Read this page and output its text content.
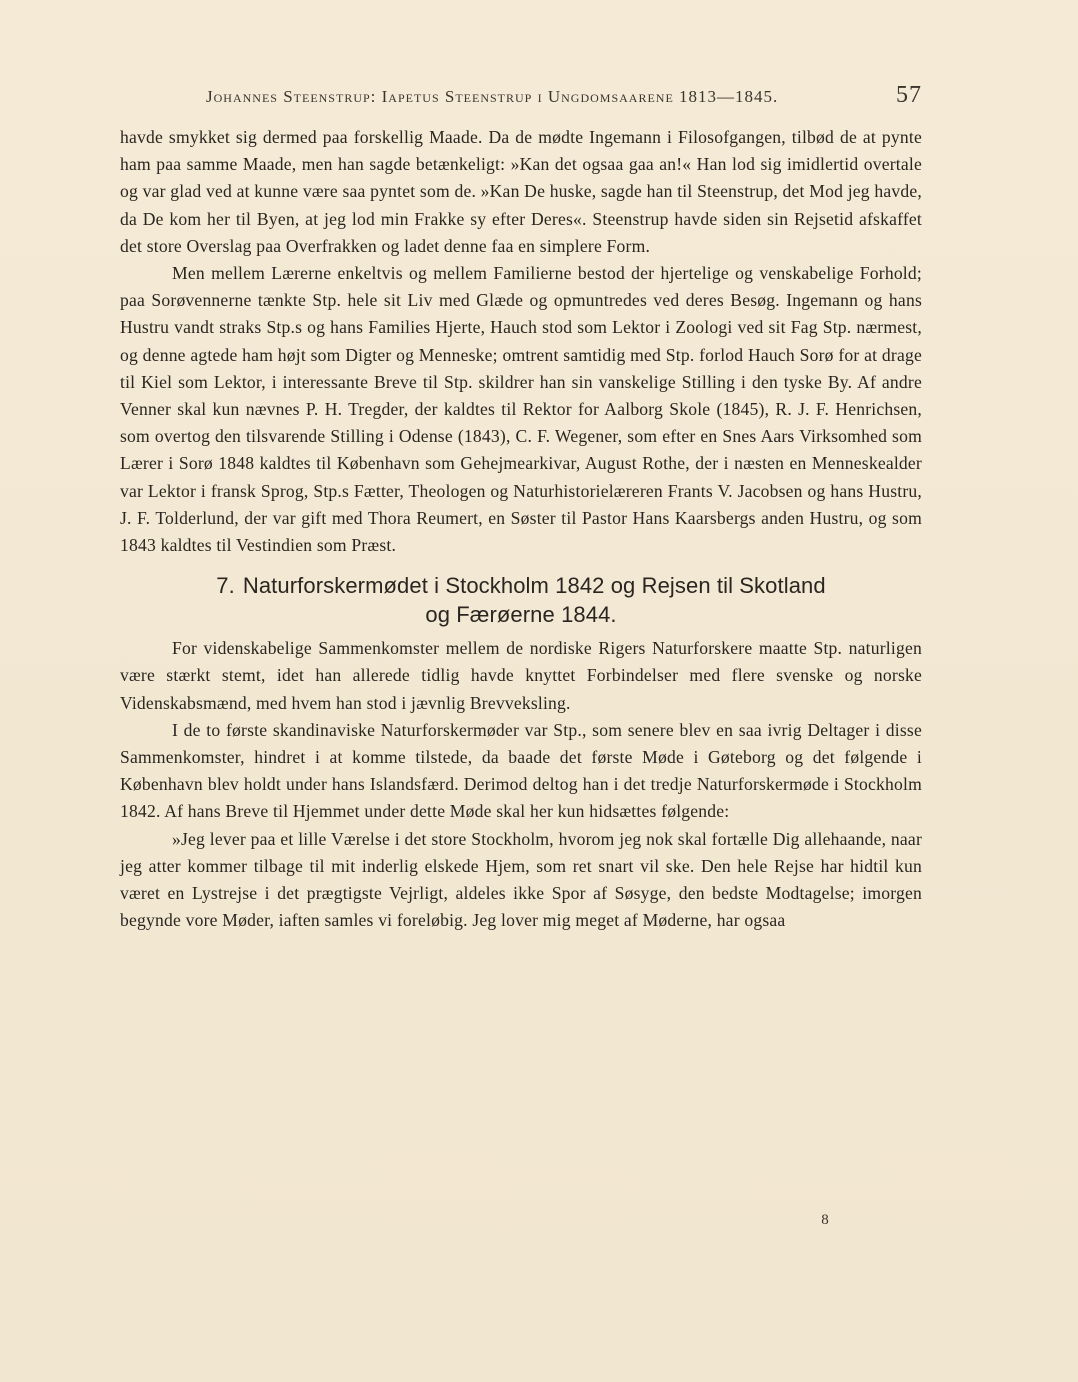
Johannes Steenstrup: Iapetus Steenstrup i Ungdomsaarene 1813—1845.	57

havde smykket sig dermed paa forskellig Maade. Da de mødte Ingemann i Filosofgangen, tilbød de at pynte ham paa samme Maade, men han sagde betænkeligt: »Kan det ogsaa gaa an!« Han lod sig imidlertid overtale og var glad ved at kunne være saa pyntet som de. »Kan De huske, sagde han til Steenstrup, det Mod jeg havde, da De kom her til Byen, at jeg lod min Frakke sy efter Deres«. Steenstrup havde siden sin Rejsetid afskaffet det store Overslag paa Overfrakken og ladet denne faa en simplere Form.

Men mellem Lærerne enkeltvis og mellem Familierne bestod der hjertelige og venskabelige Forhold; paa Sorøvennerne tænkte Stp. hele sit Liv med Glæde og opmuntredes ved deres Besøg. Ingemann og hans Hustru vandt straks Stp.s og hans Families Hjerte, Hauch stod som Lektor i Zoologi ved sit Fag Stp. nærmest, og denne agtede ham højt som Digter og Menneske; omtrent samtidig med Stp. forlod Hauch Sorø for at drage til Kiel som Lektor, i interessante Breve til Stp. skildrer han sin vanskelige Stilling i den tyske By. Af andre Venner skal kun nævnes P. H. Tregder, der kaldtes til Rektor for Aalborg Skole (1845), R. J. F. Henrichsen, som overtog den tilsvarende Stilling i Odense (1843), C. F. Wegener, som efter en Snes Aars Virksomhed som Lærer i Sorø 1848 kaldtes til København som Gehejmearkivar, August Rothe, der i næsten en Menneskealder var Lektor i fransk Sprog, Stp.s Fætter, Theologen og Naturhistorielæreren Frants V. Jacobsen og hans Hustru, J. F. Tolderlund, der var gift med Thora Reumert, en Søster til Pastor Hans Kaarsbergs anden Hustru, og som 1843 kaldtes til Vestindien som Præst.

7. Naturforskermødet i Stockholm 1842 og Rejsen til Skotland
og Færøerne 1844.

For videnskabelige Sammenkomster mellem de nordiske Rigers Naturforskere maatte Stp. naturligen være stærkt stemt, idet han allerede tidlig havde knyttet Forbindelser med flere svenske og norske Videnskabsmænd, med hvem han stod i jævnlig Brevveksling.

I de to første skandinaviske Naturforskermøder var Stp., som senere blev en saa ivrig Deltager i disse Sammenkomster, hindret i at komme tilstede, da baade det første Møde i Gøteborg og det følgende i København blev holdt under hans Islandsfærd. Derimod deltog han i det tredje Naturforskermøde i Stockholm 1842. Af hans Breve til Hjemmet under dette Møde skal her kun hidsættes følgende:

»Jeg lever paa et lille Værelse i det store Stockholm, hvorom jeg nok skal fortælle Dig allehaande, naar jeg atter kommer tilbage til mit inderlig elskede Hjem, som ret snart vil ske. Den hele Rejse har hidtil kun været en Lystrejse i det prægtigste Vejrligt, aldeles ikke Spor af Søsyge, den bedste Modtagelse; imorgen begynde vore Møder, iaften samles vi foreløbig. Jeg lover mig meget af Møderne, har ogsaa

8
